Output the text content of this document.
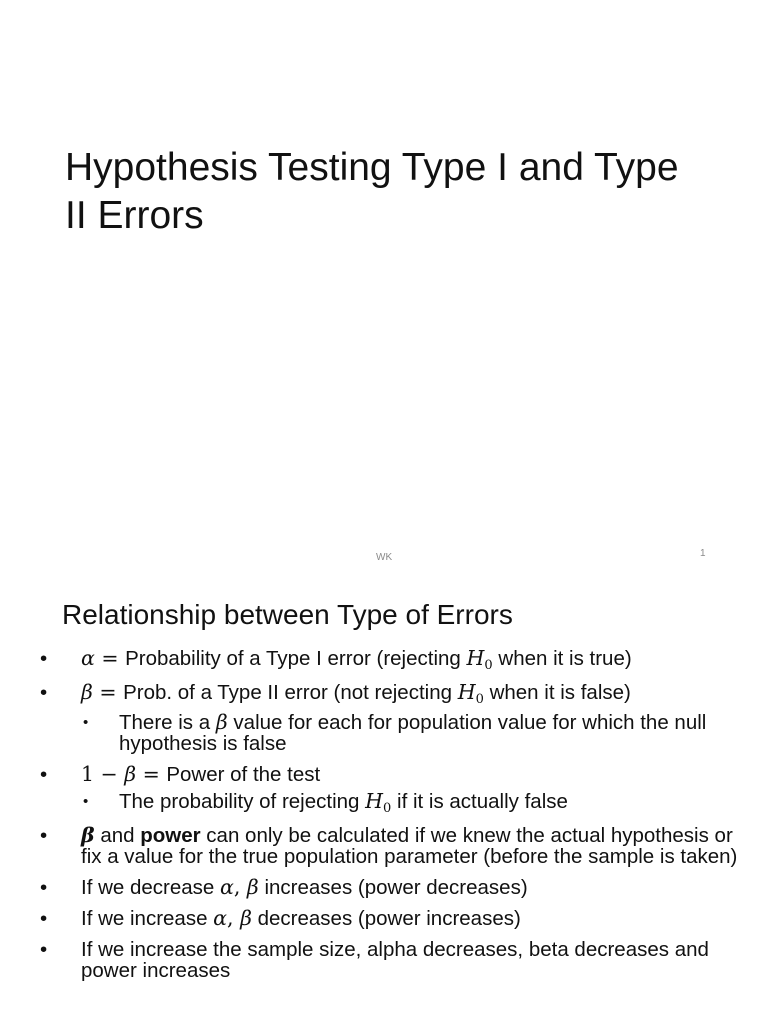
Hypothesis Testing Type I and Type II Errors
WK	1
Relationship between Type of Errors
• α = Probability of a Type I error (rejecting H0 when it is true)
• β = Prob. of a Type II error (not rejecting H0 when it is false)
• There is a β value for each for population value for which the null hypothesis is false
• 1 − β = Power of the test
• The probability of rejecting H0 if it is actually false
• β and power can only be calculated if we knew the actual hypothesis or fix a value for the true population parameter (before the sample is taken)
• If we decrease α, β increases (power decreases)
• If we increase α, β decreases (power increases)
• If we increase the sample size, alpha decreases, beta decreases and power increases
